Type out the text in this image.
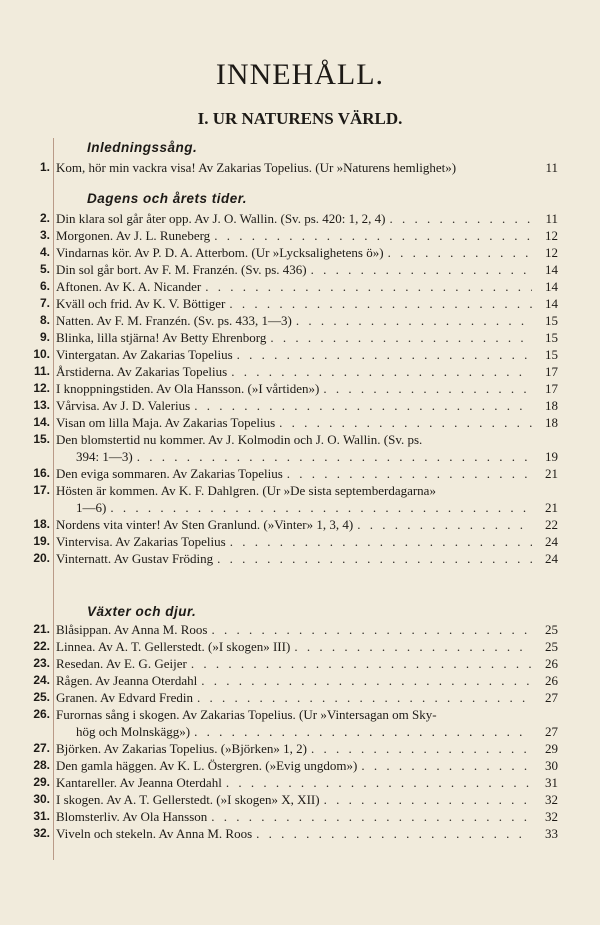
INNEHÅLL.
I. UR NATURENS VÄRLD.
Inledningssång.
Dagens och årets tider.
Växter och djur.
1. Kom, hör min vackra visa! Av Zakarias Topelius. (Ur »Naturens hemlighet»)	11
2. Din klara sol går åter opp. Av J. O. Wallin. (Sv. ps. 420: 1, 2, 4) . . .	11
3. Morgonen. Av J. L. Runeberg . . .	12
4. Vindarnas kör. Av P. D. A. Atterbom. (Ur »Lycksalighetens ö») . . .	12
5. Din sol går bort. Av F. M. Franzén. (Sv. ps. 436) . . .	14
6. Aftonen. Av K. A. Nicander . . .	14
7. Kväll och frid. Av K. V. Böttiger . . .	14
8. Natten. Av F. M. Franzén. (Sv. ps. 433, 1—3) . . .	15
9. Blinka, lilla stjärna! Av Betty Ehrenborg . . .	15
10. Vintergatan. Av Zakarias Topelius . . .	15
11. Årstiderna. Av Zakarias Topelius . . .	17
12. I knoppningstiden. Av Ola Hansson. (»I vårtiden») . . .	17
13. Vårvisa. Av J. D. Valerius . . .	18
14. Visan om lilla Maja. Av Zakarias Topelius . . .	18
15. Den blomstertid nu kommer. Av J. Kolmodin och J. O. Wallin. (Sv. ps.
394: 1—3) . . .	19
16. Den eviga sommaren. Av Zakarias Topelius . . .	21
17. Hösten är kommen. Av K. F. Dahlgren. (Ur »De sista septemberdagarna»
1—6) . . .	21
18. Nordens vita vinter! Av Sten Granlund. (»Vinter» 1, 3, 4) . . .	22
19. Vintervisa. Av Zakarias Topelius . . .	24
20. Vinternatt. Av Gustav Fröding . . .	24
21. Blåsippan. Av Anna M. Roos . . .	25
22. Linnea. Av A. T. Gellerstedt. (»I skogen» III) . . .	25
23. Resedan. Av E. G. Geijer . . .	26
24. Rågen. Av Jeanna Oterdahl . . .	26
25. Granen. Av Edvard Fredin . . .	27
26. Furornas sång i skogen. Av Zakarias Topelius. (Ur »Vintersagan om Sky-
hög och Molnskägg») . . .	27
27. Björken. Av Zakarias Topelius. (»Björken» 1, 2) . . .	29
28. Den gamla häggen. Av K. L. Östergren. (»Evig ungdom») . . .	30
29. Kantareller. Av Jeanna Oterdahl . . .	31
30. I skogen. Av A. T. Gellerstedt. (»I skogen» X, XII) . . .	32
31. Blomsterliv. Av Ola Hansson . . .	32
32. Viveln och stekeln. Av Anna M. Roos . . .	33
